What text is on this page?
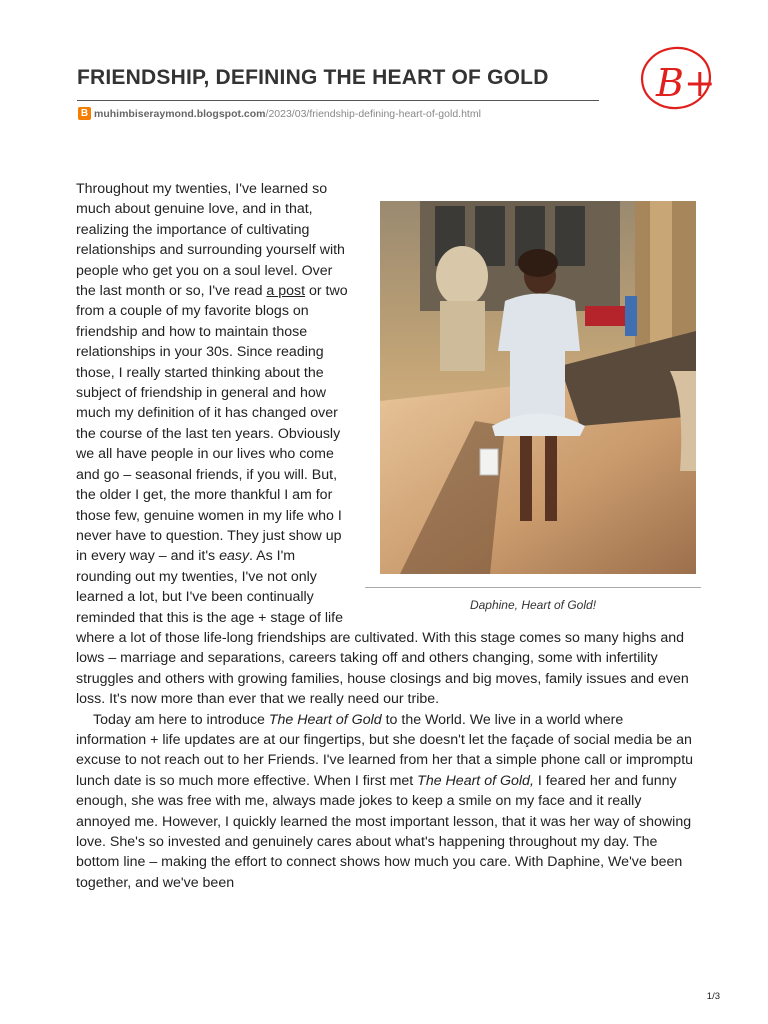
FRIENDSHIP, DEFINING THE HEART OF GOLD	B+
B muhimbiseraymond.blogspot.com /2023/03/friendship-defining-heart-of-gold.html
Daphine, Heart of Gold!

Throughout my twenties, I've learned so much about genuine love, and in that, realizing the importance of cultivating relationships and surrounding yourself with people who get you on a soul level. Over the last month or so, I've read a post or two from a couple of my favorite blogs on friendship and how to maintain those relationships in your 30s. Since reading those, I really started thinking about the subject of friendship in general and how much my definition of it has changed over the course of the last ten years. Obviously we all have people in our lives who come and go – seasonal friends, if you will. But, the older I get, the more thankful I am for those few, genuine women in my life who I never have to question. They just show up in every way – and it's easy. As I'm rounding out my twenties, I've not only learned a lot, but I've been continually reminded that this is the age + stage of life where a lot of those life-long friendships are cultivated. With this stage comes so many highs and lows – marriage and separations, careers taking off and others changing, some with infertility struggles and others with growing families, house closings and big moves, family issues and even loss. It's now more than ever that we really need our tribe.

Today am here to introduce The Heart of Gold to the World. We live in a world where information + life updates are at our fingertips, but she doesn't let the façade of social media be an excuse to not reach out to her Friends. I've learned from her that a simple phone call or impromptu lunch date is so much more effective. When I first met The Heart of Gold, I feared her and funny enough, she was free with me, always made jokes to keep a smile on my face and it really annoyed me. However, I quickly learned the most important lesson, that it was her way of showing love. She's so invested and genuinely cares about what's happening throughout my day. The bottom line – making the effort to connect shows how much you care. With Daphine, We've been together, and we've been

1/3
